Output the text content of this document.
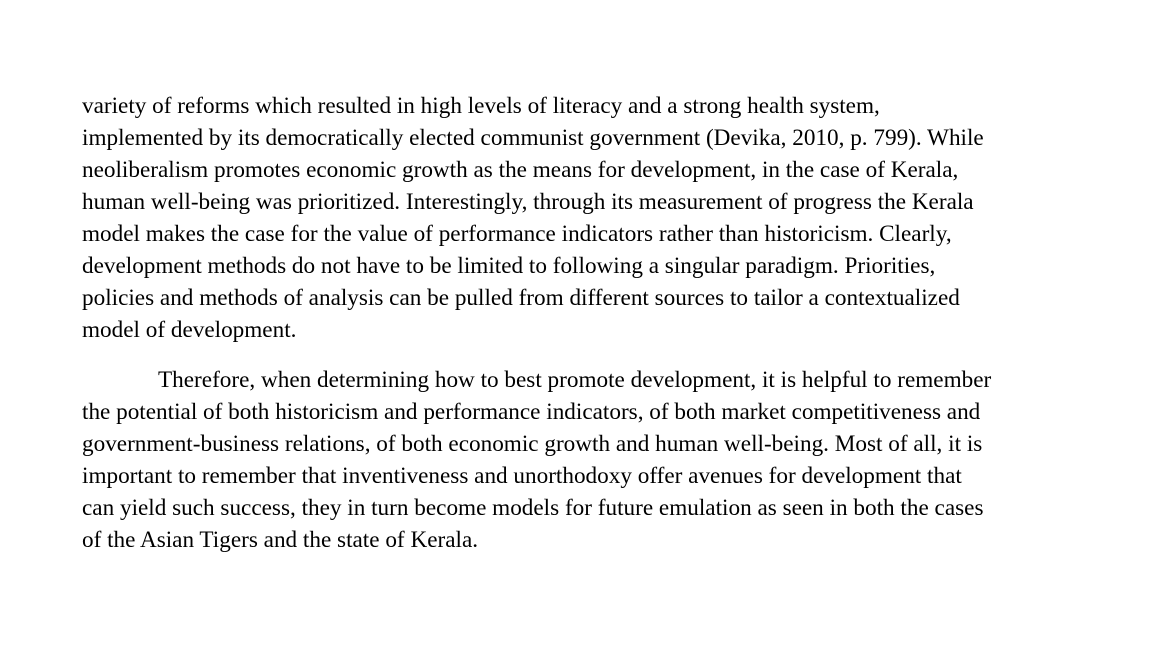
variety of reforms which resulted in high levels of literacy and a strong health system,
implemented by its democratically elected communist government (Devika, 2010, p. 799). While
neoliberalism promotes economic growth as the means for development, in the case of Kerala,
human well-being was prioritized. Interestingly, through its measurement of progress the Kerala
model makes the case for the value of performance indicators rather than historicism. Clearly,
development methods do not have to be limited to following a singular paradigm. Priorities,
policies and methods of analysis can be pulled from different sources to tailor a contextualized
model of development.

Therefore, when determining how to best promote development, it is helpful to remember
the potential of both historicism and performance indicators, of both market competitiveness and
government-business relations, of both economic growth and human well-being. Most of all, it is
important to remember that inventiveness and unorthodoxy offer avenues for development that
can yield such success, they in turn become models for future emulation as seen in both the cases
of the Asian Tigers and the state of Kerala.
